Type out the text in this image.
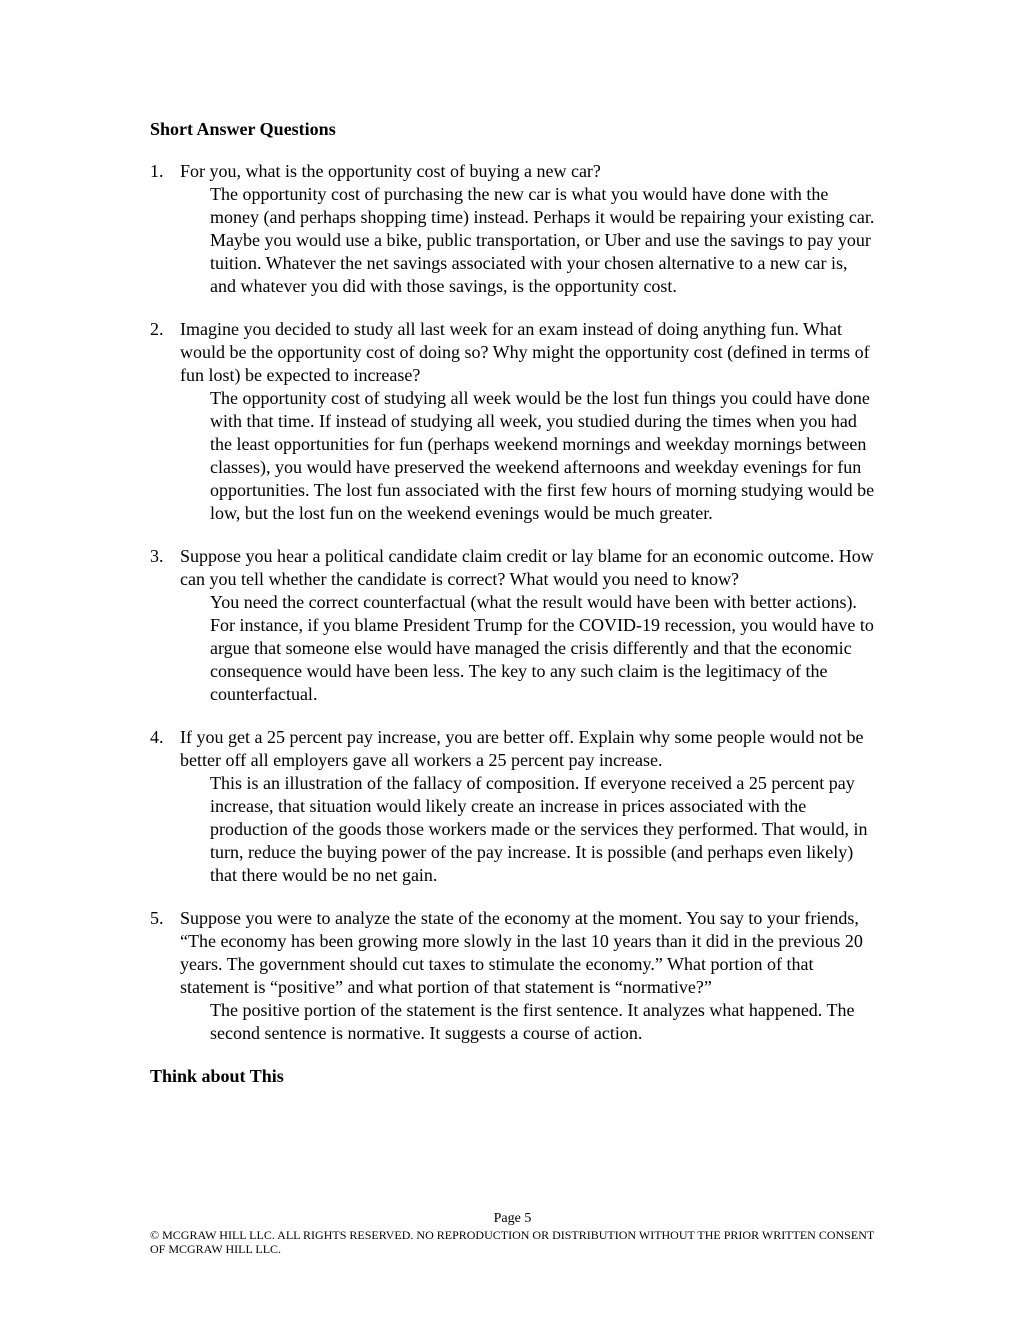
Short Answer Questions
1. For you, what is the opportunity cost of buying a new car?
The opportunity cost of purchasing the new car is what you would have done with the money (and perhaps shopping time) instead. Perhaps it would be repairing your existing car. Maybe you would use a bike, public transportation, or Uber and use the savings to pay your tuition. Whatever the net savings associated with your chosen alternative to a new car is, and whatever you did with those savings, is the opportunity cost.
2. Imagine you decided to study all last week for an exam instead of doing anything fun. What would be the opportunity cost of doing so? Why might the opportunity cost (defined in terms of fun lost) be expected to increase?
The opportunity cost of studying all week would be the lost fun things you could have done with that time. If instead of studying all week, you studied during the times when you had the least opportunities for fun (perhaps weekend mornings and weekday mornings between classes), you would have preserved the weekend afternoons and weekday evenings for fun opportunities. The lost fun associated with the first few hours of morning studying would be low, but the lost fun on the weekend evenings would be much greater.
3. Suppose you hear a political candidate claim credit or lay blame for an economic outcome. How can you tell whether the candidate is correct? What would you need to know?
You need the correct counterfactual (what the result would have been with better actions). For instance, if you blame President Trump for the COVID-19 recession, you would have to argue that someone else would have managed the crisis differently and that the economic consequence would have been less. The key to any such claim is the legitimacy of the counterfactual.
4. If you get a 25 percent pay increase, you are better off. Explain why some people would not be better off all employers gave all workers a 25 percent pay increase.
This is an illustration of the fallacy of composition. If everyone received a 25 percent pay increase, that situation would likely create an increase in prices associated with the production of the goods those workers made or the services they performed. That would, in turn, reduce the buying power of the pay increase. It is possible (and perhaps even likely) that there would be no net gain.
5. Suppose you were to analyze the state of the economy at the moment. You say to your friends, “The economy has been growing more slowly in the last 10 years than it did in the previous 20 years. The government should cut taxes to stimulate the economy.” What portion of that statement is “positive” and what portion of that statement is “normative?”
The positive portion of the statement is the first sentence. It analyzes what happened. The second sentence is normative. It suggests a course of action.
Think about This

Page 5

© MCGRAW HILL LLC. ALL RIGHTS RESERVED. NO REPRODUCTION OR DISTRIBUTION WITHOUT THE PRIOR WRITTEN CONSENT OF MCGRAW HILL LLC.
